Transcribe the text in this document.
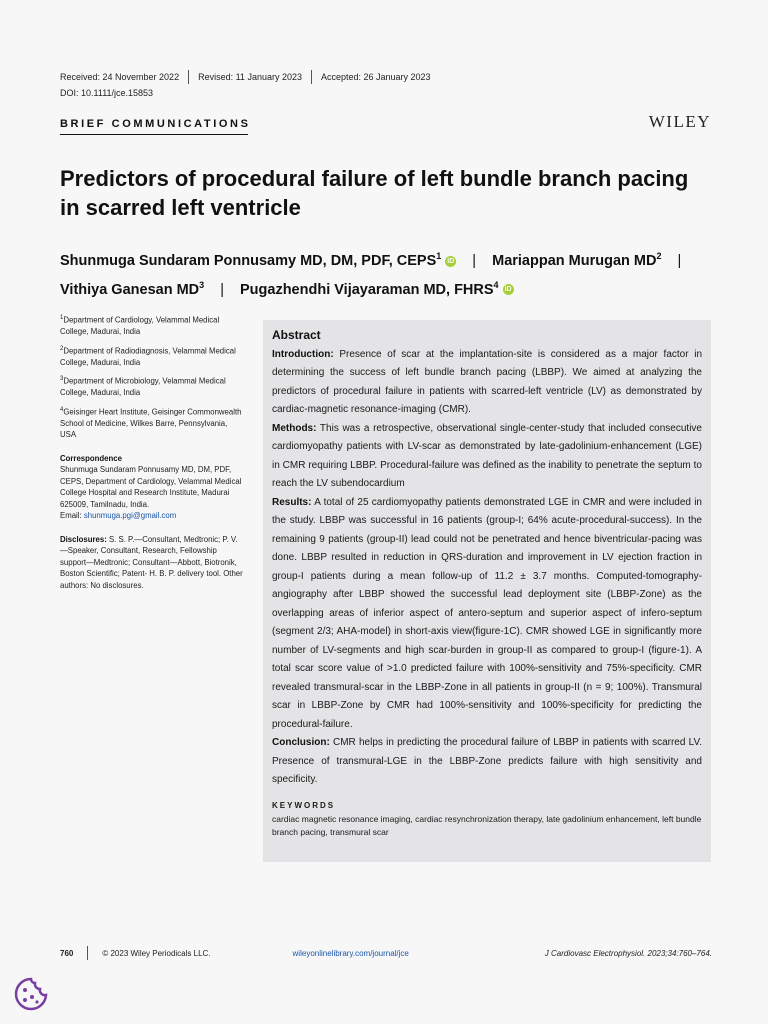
Received: 24 November 2022 Revised: 11 January 2023 Accepted: 26 January 2023
DOI: 10.1111/jce.15853
BRIEF COMMUNICATIONS	WILEY
Predictors of procedural failure of left bundle branch pacing in scarred left ventricle
Shunmuga Sundaram Ponnusamy MD, DM, PDF, CEPS$^1$ iD | Mariappan Murugan $MD^2$ |
Vithiya Ganesan $MD^3$ | Pugazhendhi Vijayaraman MD, FHRS$^4$ iD

$^1$Department of Cardiology, Velammal Medical College, Madurai, India

$^2$Department of Radiodiagnosis, Velammal Medical College, Madurai, India

$^3$Department of Microbiology, Velammal Medical College, Madurai, India

$^4$Geisinger Heart Institute, Geisinger Commonwealth School of Medicine, Wilkes Barre, Pennsylvania, USA

Correspondence

Shunmuga Sundaram Ponnusamy MD, DM, PDF, CEPS, Department of Cardiology, Velammal Medical College Hospital and Research Institute, Madurai 625009, Tamilnadu, India.
Email: shunmuga.pgi@gmail.com

Disclosures: S. S. P.—Consultant, Medtronic; P. V.—Speaker, Consultant, Research, Fellowship support—Medtronic; Consultant—Abbott, Biotronik, Boston Scientific; Patent- H. B. P. delivery tool. Other authors: No disclosures.

Abstract

Introduction: Presence of scar at the implantation-site is considered as a major factor in determining the success of left bundle branch pacing (LBBP). We aimed at analyzing the predictors of procedural failure in patients with scarred-left ventricle (LV) as demonstrated by cardiac-magnetic resonance-imaging (CMR).

Methods: This was a retrospective, observational single-center-study that included consecutive cardiomyopathy patients with LV-scar as demonstrated by late-gadolinium-enhancement (LGE) in CMR requiring LBBP. Procedural-failure was defined as the inability to penetrate the septum to reach the LV subendocardium

Results: A total of 25 cardiomyopathy patients demonstrated LGE in CMR and were included in the study. LBBP was successful in 16 patients (group-I; 64% acute-procedural-success). In the remaining 9 patients (group-II) lead could not be penetrated and hence biventricular-pacing was done. LBBP resulted in reduction in QRS-duration and improvement in LV ejection fraction in group-I patients during a mean follow-up of 11.2 ± 3.7 months. Computed-tomography-angiography after LBBP showed the successful lead deployment site (LBBP-Zone) as the overlapping areas of inferior aspect of antero-septum and superior aspect of infero-septum (segment 2/3; AHA-model) in short-axis view(figure-1C). CMR showed LGE in significantly more number of LV-segments and high scar-burden in group-II as compared to group-I (figure-1). A total scar score value of >1.0 predicted failure with 100%-sensitivity and 75%-specificity. CMR revealed transmural-scar in the LBBP-Zone in all patients in group-II (n = 9; 100%). Transmural scar in LBBP-Zone by CMR had 100%-sensitivity and 100%-specificity for predicting the procedural-failure.

Conclusion: CMR helps in predicting the procedural failure of LBBP in patients with scarred LV. Presence of transmural-LGE in the LBBP-Zone predicts failure with high sensitivity and specificity.

KEYWORDS
cardiac magnetic resonance imaging, cardiac resynchronization therapy, late gadolinium enhancement, left bundle branch pacing, transmural scar
760	© 2023 Wiley Periodicals LLC.	wileyonlinelibrary.com/journal/jce	J Cardiovasc Electrophysiol. 2023;34:760–764.
